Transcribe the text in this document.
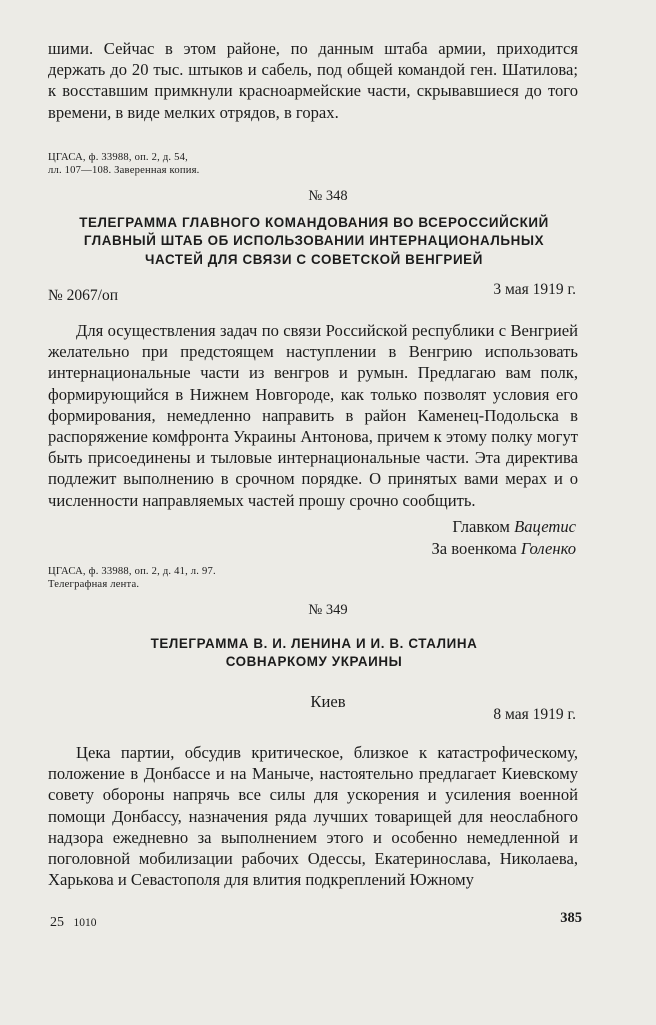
шими. Сейчас в этом районе, по данным штаба армии, приходится держать до 20 тыс. штыков и сабель, под общей командой ген. Шатилова; к восставшим примкнули красноармейские части, скрывавшиеся до того времени, в виде мелких отрядов, в горах.
ЦГАСА, ф. 33988, оп. 2, д. 54,
лл. 107—108. Заверенная копия.
№ 348
ТЕЛЕГРАММА ГЛАВНОГО КОМАНДОВАНИЯ ВО ВСЕРОССИЙСКИЙ
ГЛАВНЫЙ ШТАБ ОБ ИСПОЛЬЗОВАНИИ ИНТЕРНАЦИОНАЛЬНЫХ
ЧАСТЕЙ ДЛЯ СВЯЗИ С СОВЕТСКОЙ ВЕНГРИЕЙ
№ 2067/оп	3 мая 1919 г.
Для осуществления задач по связи Российской республики с Венгрией желательно при предстоящем наступлении в Венгрию использовать интернациональные части из венгров и румын. Предлагаю вам полк, формирующийся в Нижнем Новгороде, как только позволят условия его формирования, немедленно направить в район Каменец-Подольска в распоряжение комфронта Украины Антонова, причем к этому полку могут быть присоединены и тыловые интернациональные части. Эта директива подлежит выполнению в срочном порядке. О принятых вами мерах и о численности направляемых частей прошу срочно сообщить.
Главком Вацетис
За военкома Голенко
ЦГАСА, ф. 33988, оп. 2, д. 41, л. 97.
Телеграфная лента.
№ 349
ТЕЛЕГРАММА В. И. ЛЕНИНА И И. В. СТАЛИНА
СОВНАРКОМУ УКРАИНЫ
Киев
8 мая 1919 г.
Цека партии, обсудив критическое, близкое к катастрофическому, положение в Донбассе и на Маныче, настоятельно предлагает Киевскому совету обороны напрячь все силы для ускорения и усиления военной помощи Донбассу, назначения ряда лучших товарищей для неослабного надзора ежедневно за выполнением этого и особенно немедленной и поголовной мобилизации рабочих Одессы, Екатеринослава, Николаева, Харькова и Севастополя для влития подкреплений Южному
25 1010	385
